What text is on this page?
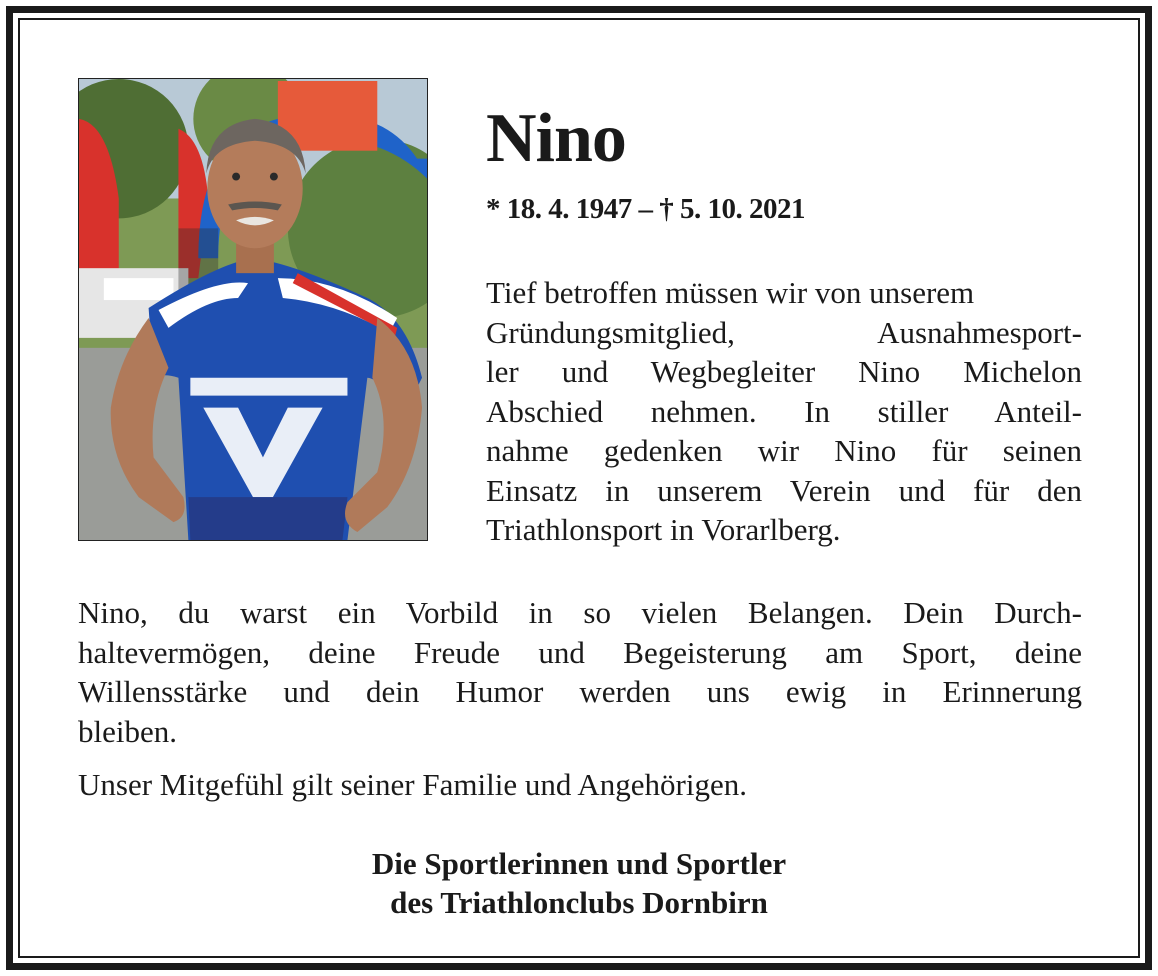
Nino

* 18. 4. 1947 – † 5. 10. 2021

Tief betroffen müssen wir von unserem
Gründungsmitglied, Ausnahmesport-
ler und Wegbegleiter Nino Michelon
Abschied nehmen. In stiller Anteil-
nahme gedenken wir Nino für seinen
Einsatz in unserem Verein und für den
Triathlonsport in Vorarlberg.

Nino, du warst ein Vorbild in so vielen Belangen. Dein Durch-
haltevermögen, deine Freude und Begeisterung am Sport, deine
Willensstärke und dein Humor werden uns ewig in Erinnerung
bleiben.

Unser Mitgefühl gilt seiner Familie und Angehörigen.

Die Sportlerinnen und Sportler

des Triathlonclubs Dornbirn
